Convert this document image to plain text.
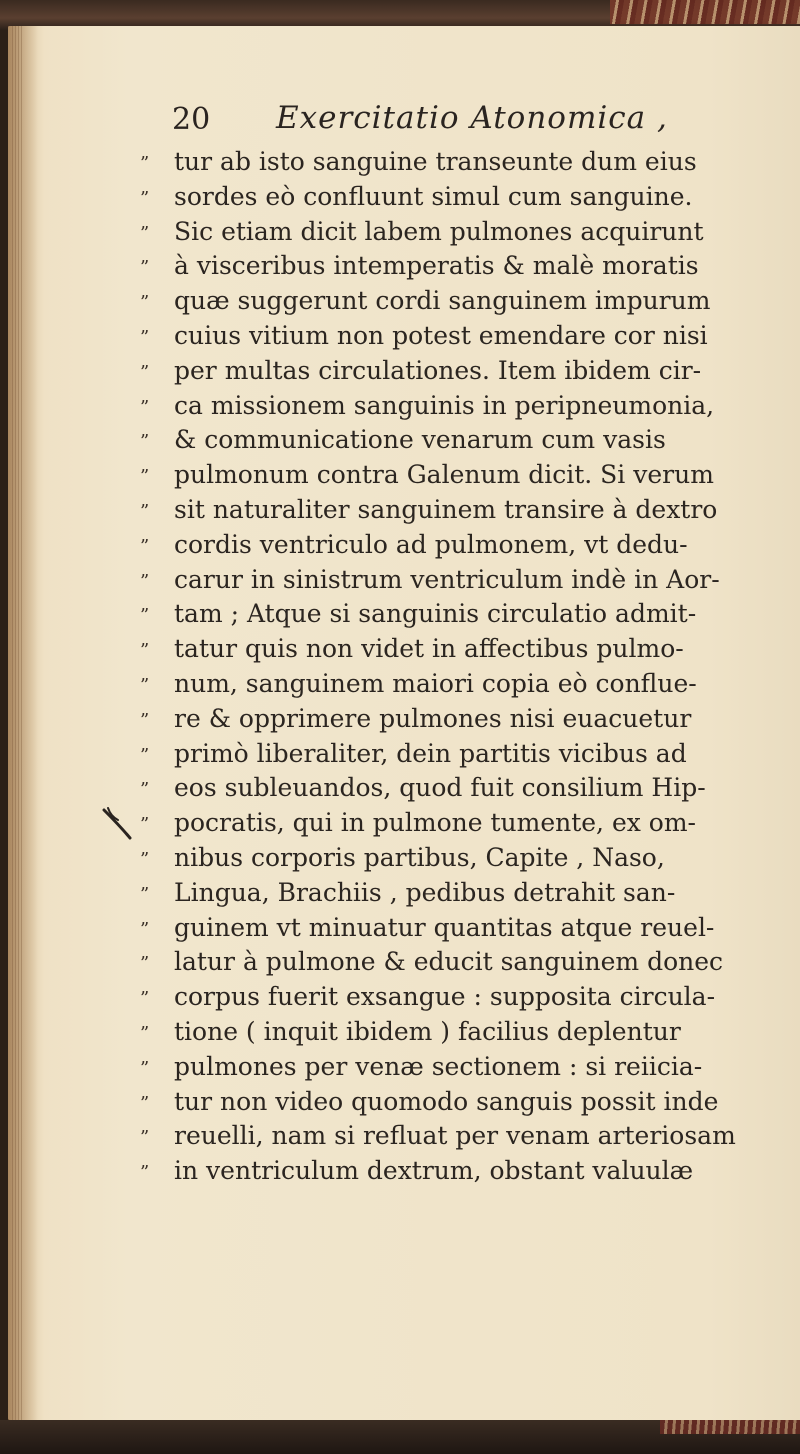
20 Exercitatio Atonomica ,
” tur ab isto sanguine transeunte dum eius
” sordes eò confluunt simul cum sanguine.
” Sic etiam dicit labem pulmones acquirunt
” à visceribus intemperatis & malè moratis
” quæ suggerunt cordi sanguinem impurum
” cuius vitium non potest emendare cor nisi
” per multas circulationes. Item ibidem cir-
” ca missionem sanguinis in peripneumonia,
” & communicatione venarum cum vasis
” pulmonum contra Galenum dicit. Si verum
” sit naturaliter sanguinem transire à dextro
” cordis ventriculo ad pulmonem, vt dedu-
” carur in sinistrum ventriculum indè in Aor-
” tam ; Atque si sanguinis circulatio admit-
” tatur quis non videt in affectibus pulmo-
” num, sanguinem maiori copia eò conflue-
” re & opprimere pulmones nisi euacuetur
” primò liberaliter, dein partitis vicibus ad
” eos subleuandos, quod fuit consilium Hip-
” pocratis, qui in pulmone tumente, ex om-
” nibus corporis partibus, Capite , Naso,
” Lingua, Brachiis , pedibus detrahit san-
” guinem vt minuatur quantitas atque reuel-
” latur à pulmone & educit sanguinem donec
” corpus fuerit exsangue : supposita circula-
” tione ( inquit ibidem ) facilius deplentur
” pulmones per venæ sectionem : si reiicia-
” tur non video quomodo sanguis possit inde
” reuelli, nam si refluat per venam arteriosam
” in ventriculum dextrum, obstant valuulæ
